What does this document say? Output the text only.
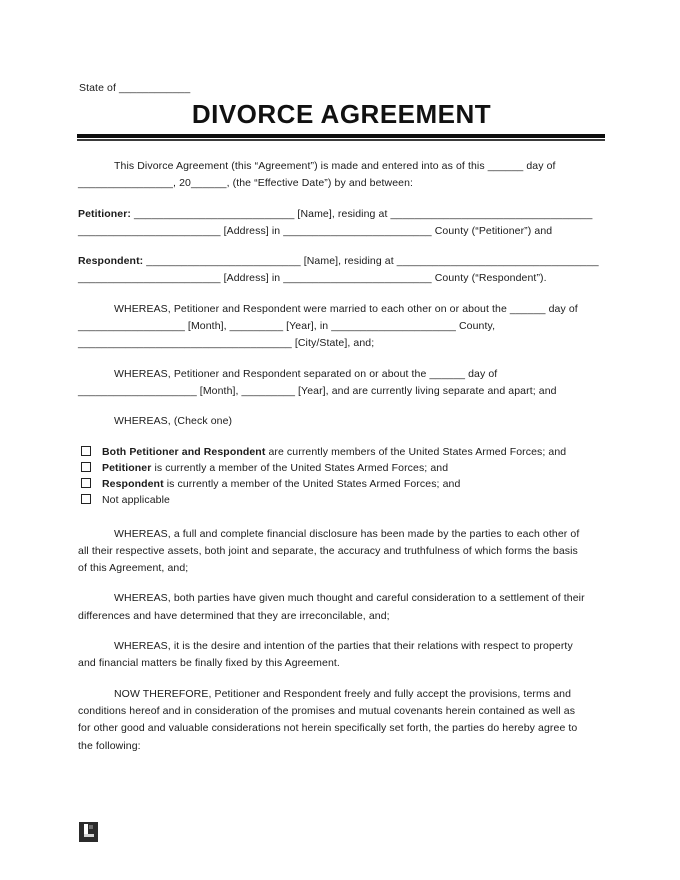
State of ____________
DIVORCE AGREEMENT
This Divorce Agreement (this “Agreement”) is made and entered into as of this ______ day of
________________, 20______, (the “Effective Date”) by and between:
Petitioner: ___________________________ [Name], residing at __________________________________
________________________ [Address] in _________________________ County (“Petitioner”) and
Respondent: __________________________ [Name], residing at __________________________________
________________________ [Address] in _________________________ County (“Respondent”).
WHEREAS, Petitioner and Respondent were married to each other on or about the ______ day of
__________________ [Month], _________ [Year], in _____________________ County,
____________________________________ [City/State], and;
WHEREAS, Petitioner and Respondent separated on or about the ______ day of
____________________ [Month], _________ [Year], and are currently living separate and apart; and
WHEREAS, (Check one)
Both Petitioner and Respondent are currently members of the United States Armed Forces; and
Petitioner is currently a member of the United States Armed Forces; and
Respondent is currently a member of the United States Armed Forces; and
Not applicable
WHEREAS, a full and complete financial disclosure has been made by the parties to each other of
all their respective assets, both joint and separate, the accuracy and truthfulness of which forms the basis
of this Agreement, and;
WHEREAS, both parties have given much thought and careful consideration to a settlement of their
differences and have determined that they are irreconcilable, and;
WHEREAS, it is the desire and intention of the parties that their relations with respect to property
and financial matters be finally fixed by this Agreement.
NOW THEREFORE, Petitioner and Respondent freely and fully accept the provisions, terms and
conditions hereof and in consideration of the promises and mutual covenants herein contained as well as
for other good and valuable considerations not herein specifically set forth, the parties do hereby agree to
the following:
